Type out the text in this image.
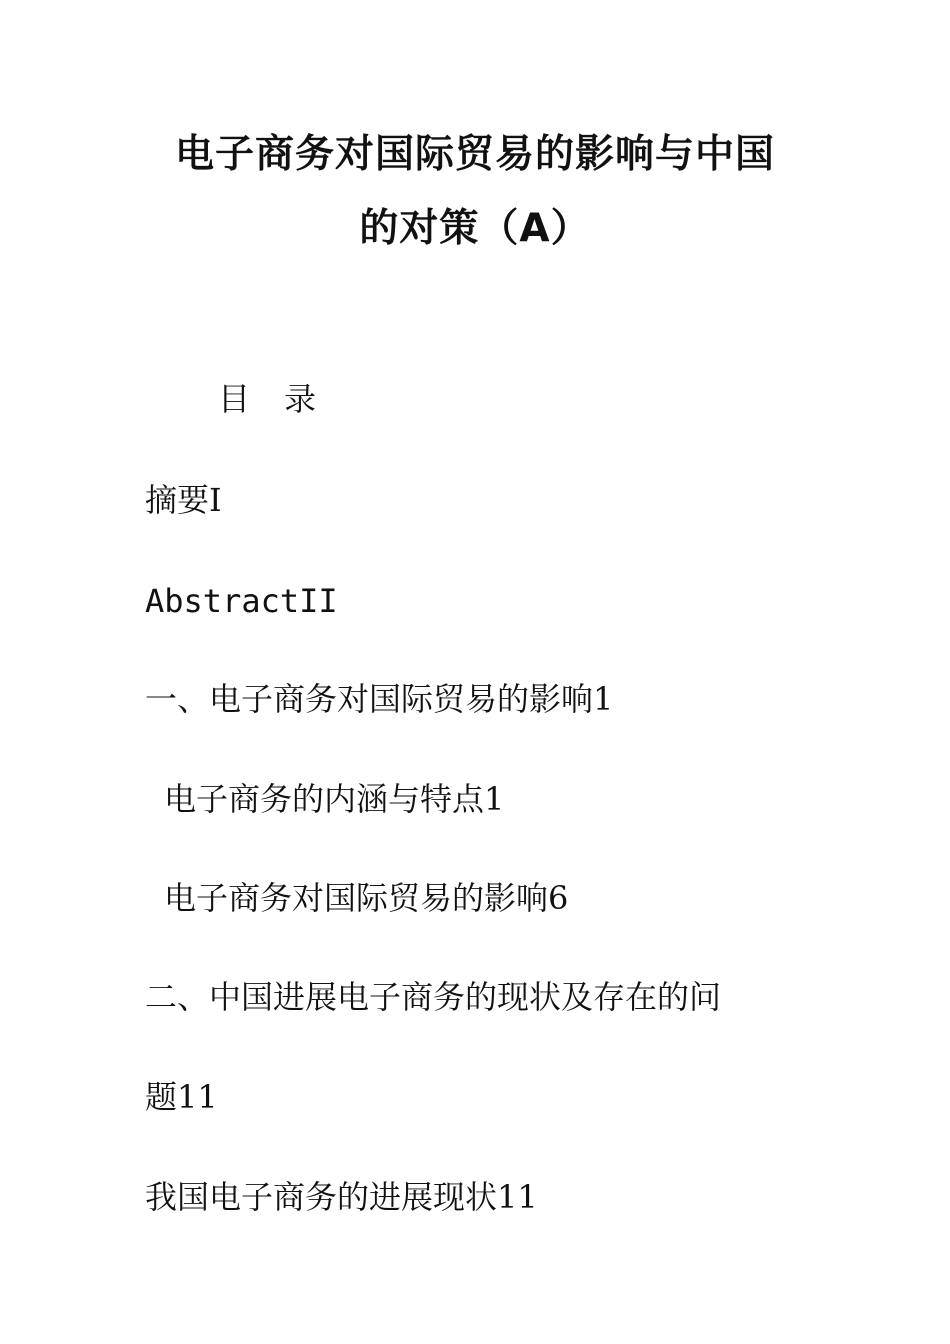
电子商务对国际贸易的影响与中国
的对策（A）
目 录

摘要Ⅰ

AbstractII

一、电子商务对国际贸易的影响1

电子商务的内涵与特点1

电子商务对国际贸易的影响6

二、中国进展电子商务的现状及存在的问

题11

我国电子商务的进展现状11
